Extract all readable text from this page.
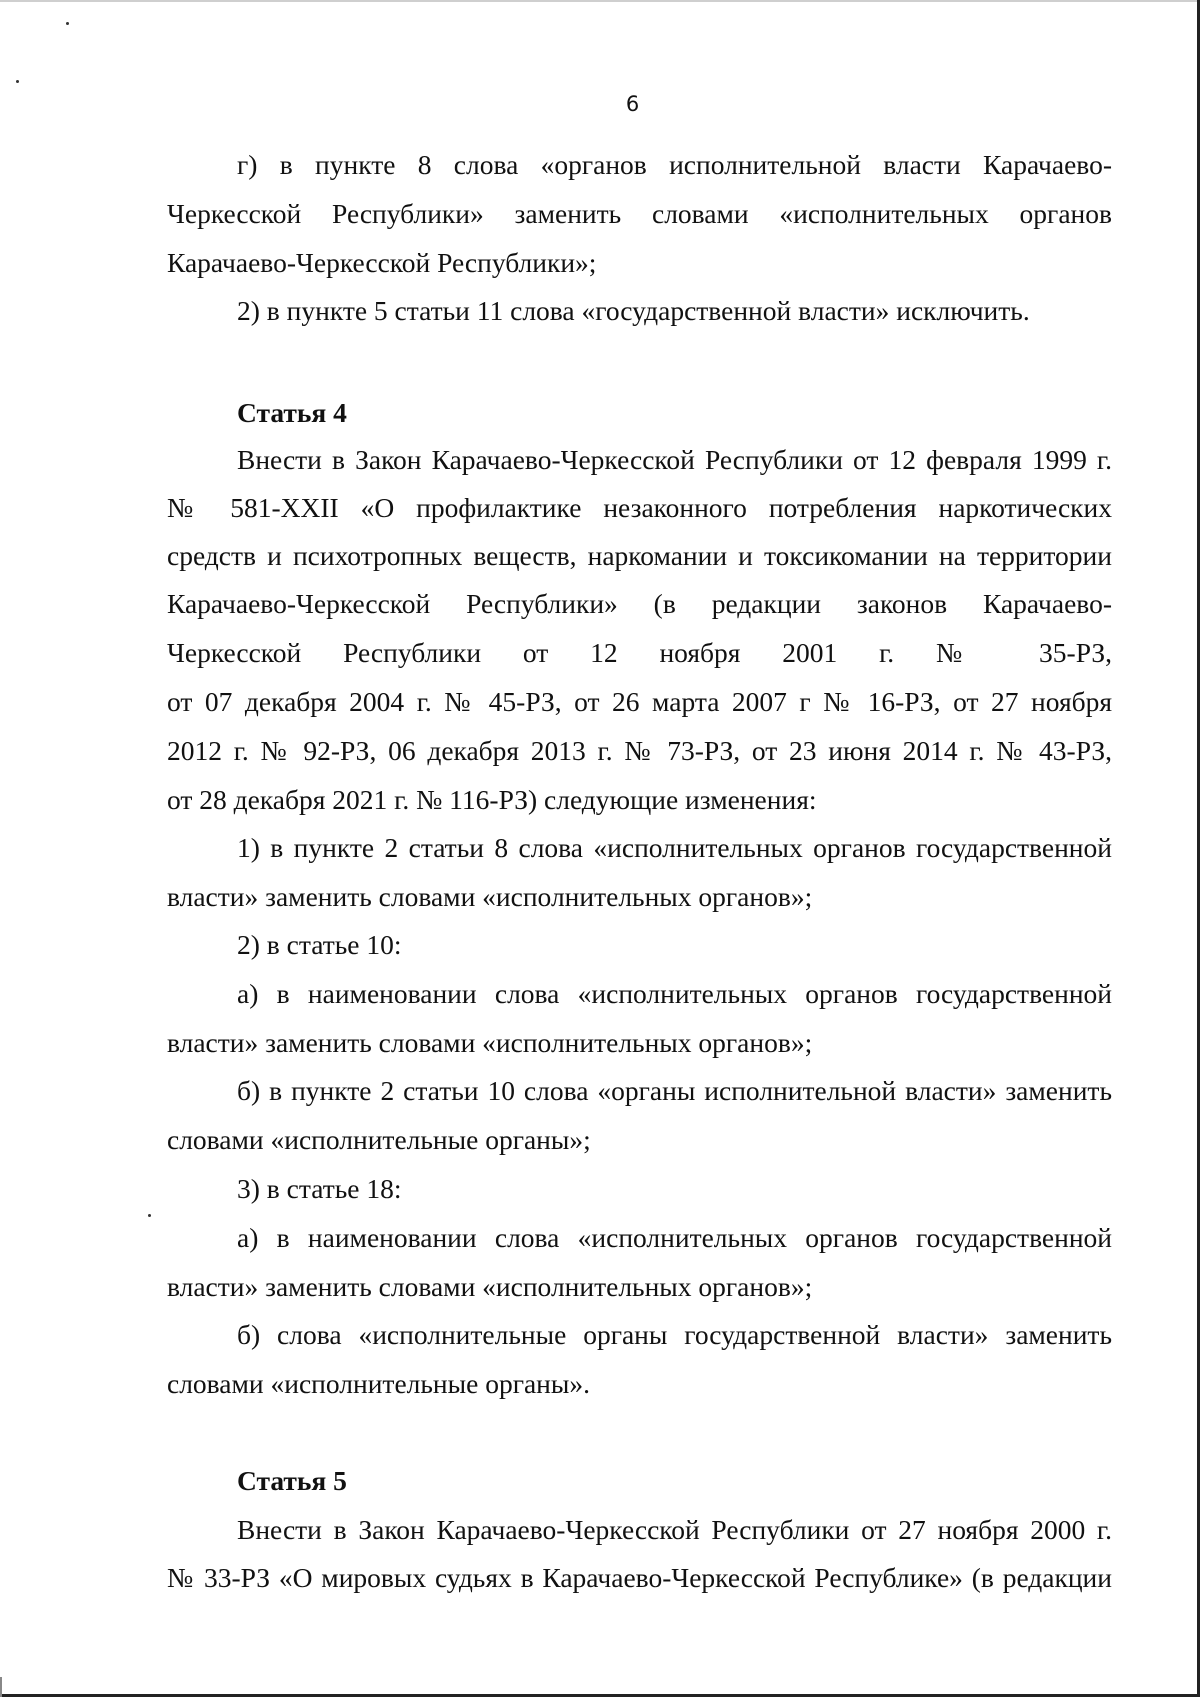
6
г) в пункте 8 слова «органов исполнительной власти Карачаево-
Черкесской Республики» заменить словами «исполнительных органов
Карачаево-Черкесской Республики»;
2) в пункте 5 статьи 11 слова «государственной власти» исключить.
Статья 4
Внести в Закон Карачаево-Черкесской Республики от 12 февраля 1999 г.
№ 581-XXII «О профилактике незаконного потребления наркотических
средств и психотропных веществ, наркомании и токсикомании на территории
Карачаево-Черкесской Республики» (в редакции законов Карачаево-
Черкесской Республики от 12 ноября 2001 г. № 35-РЗ,
от 07 декабря 2004 г. № 45-РЗ, от 26 марта 2007 г № 16-РЗ, от 27 ноября
2012 г. № 92-РЗ, 06 декабря 2013 г. № 73-РЗ, от 23 июня 2014 г. № 43-РЗ,
от 28 декабря 2021 г. № 116-РЗ) следующие изменения:
1) в пункте 2 статьи 8 слова «исполнительных органов государственной
власти» заменить словами «исполнительных органов»;
2) в статье 10:
а) в наименовании слова «исполнительных органов государственной
власти» заменить словами «исполнительных органов»;
б) в пункте 2 статьи 10 слова «органы исполнительной власти» заменить
словами «исполнительные органы»;
3) в статье 18:
а) в наименовании слова «исполнительных органов государственной
власти» заменить словами «исполнительных органов»;
б) слова «исполнительные органы государственной власти» заменить
словами «исполнительные органы».
Статья 5
Внести в Закон Карачаево-Черкесской Республики от 27 ноября 2000 г.
№ 33-РЗ «О мировых судьях в Карачаево-Черкесской Республике» (в редакции
